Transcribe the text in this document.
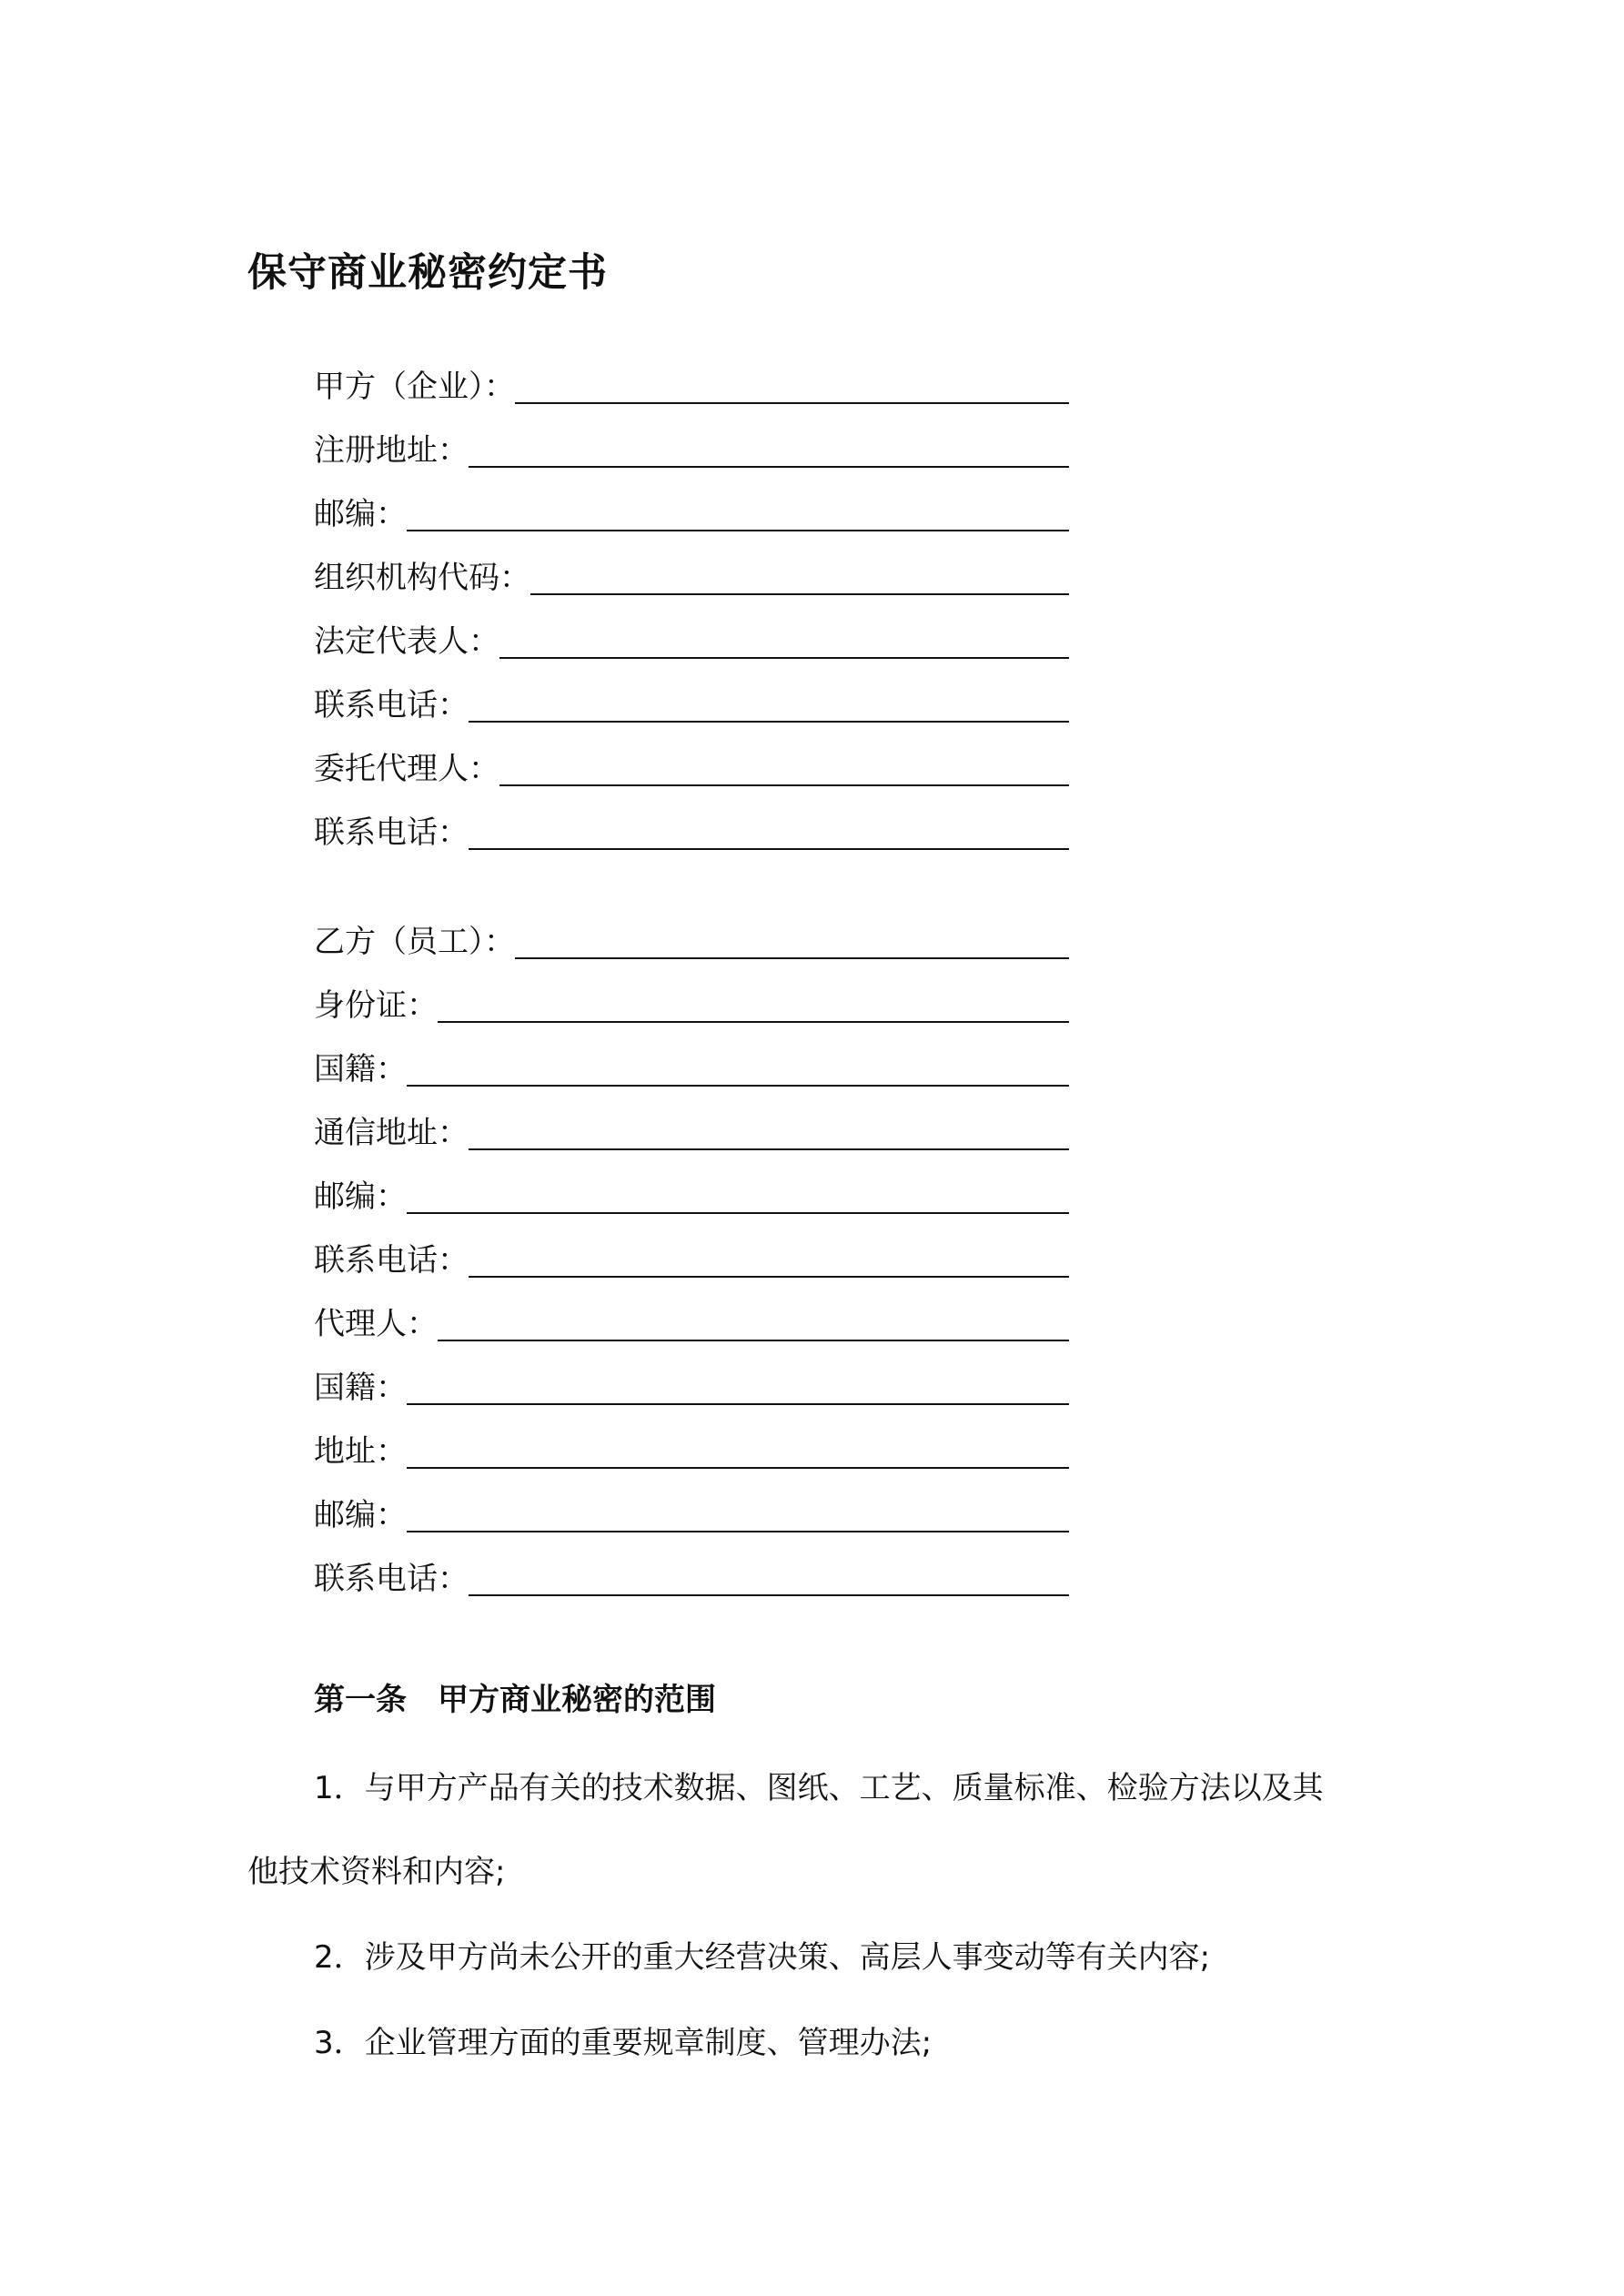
保守商业秘密约定书
甲方（企业）：
注册地址：
邮编：
组织机构代码：
法定代表人：
联系电话：
委托代理人：
联系电话：
乙方（员工）：
身份证：
国籍：
通信地址：
邮编：
联系电话：
代理人：
国籍：
地址：
邮编：
联系电话：
第一条　甲方商业秘密的范围
1．与甲方产品有关的技术数据、图纸、工艺、质量标准、检验方法以及其
他技术资料和内容;
2．涉及甲方尚未公开的重大经营决策、高层人事变动等有关内容;
3．企业管理方面的重要规章制度、管理办法;
